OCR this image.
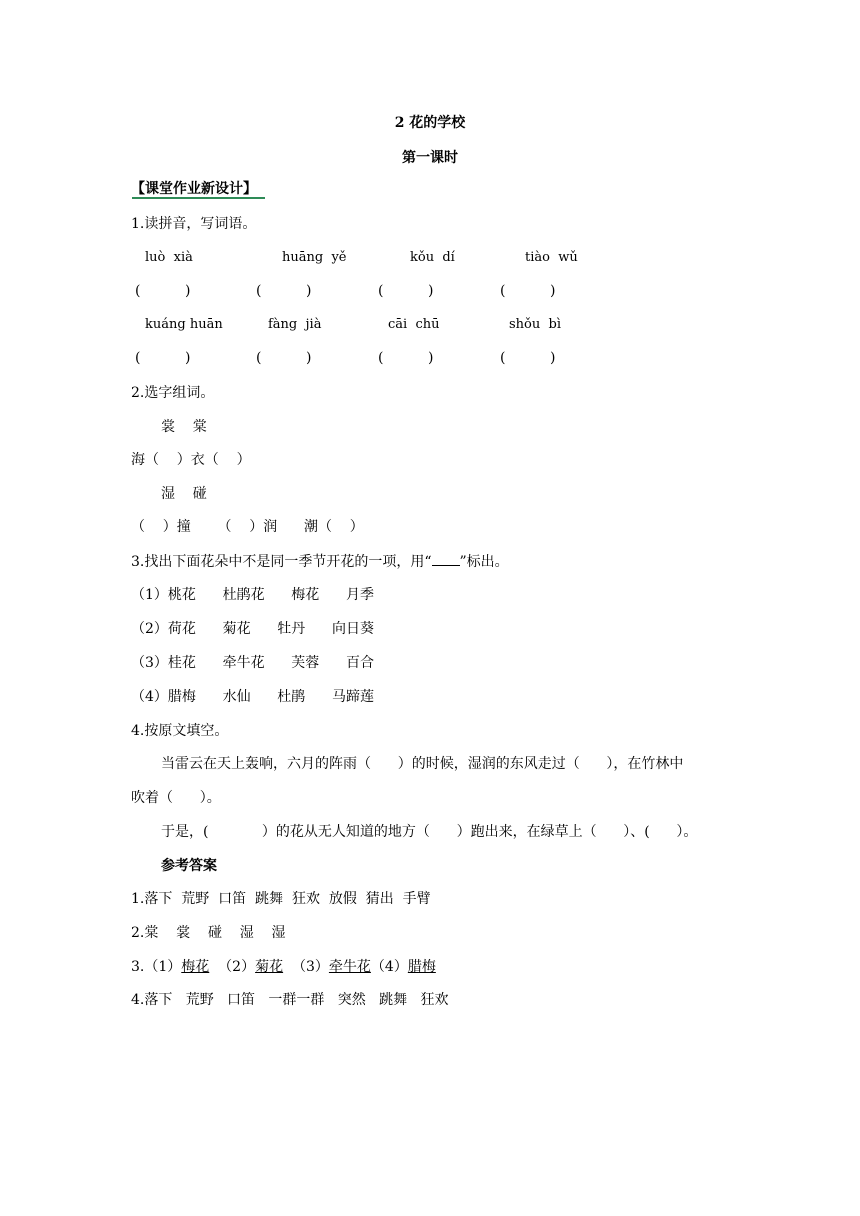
2 花的学校
第一课时
【课堂作业新设计】
1.读拼音，写词语。
luò  xià	huāng  yě	kǒu  dí	tiào  wǔ
(          )	(          )	(          )	(          )
kuáng huān	fàng  jià	cāi  chū	shǒu  bì
(          )	(          )	(          )	(          )
2.选字组词。
裳    棠
海（    ）衣（    ）
湿    碰
（    ）撞      （    ）润      潮（    ）
3.找出下面花朵中不是同一季节开花的一项，用“ ”标出。
（1）桃花      杜鹃花      梅花      月季
（2）荷花      菊花      牡丹      向日葵
（3）桂花      牵牛花      芙蓉      百合
（4）腊梅      水仙      杜鹃      马蹄莲
4.按原文填空。
当雷云在天上轰响，六月的阵雨（      ）的时候，湿润的东风走过（      ），在竹林中
吹着（      ）。
于是，(            ）的花从无人知道的地方（      ）跑出来，在绿草上（      ）、(      ）。
参考答案
1.落下  荒野  口笛  跳舞  狂欢  放假  猜出  手臂
2.棠    裳    碰    湿    湿
3.（1）梅花 （2）菊花 （3）牵牛花（4）腊梅
4.落下   荒野   口笛   一群一群   突然   跳舞   狂欢
